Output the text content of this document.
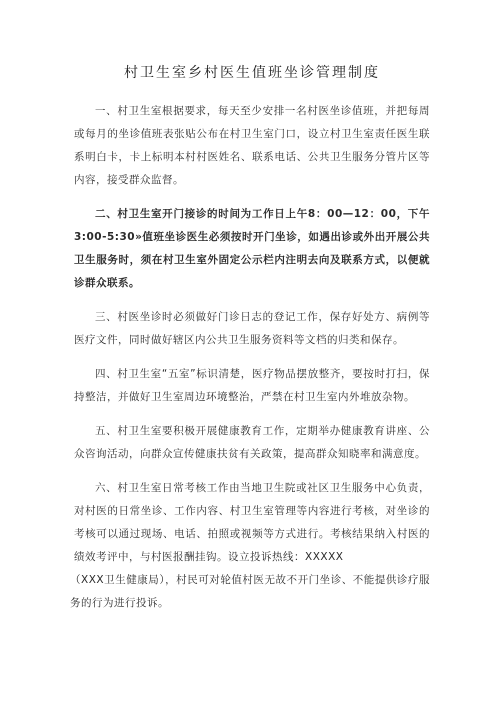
村卫生室乡村医生值班坐诊管理制度

一、村卫生室根据要求，每天至少安排一名村医坐诊值班，并把每周或每月的坐诊值班表张贴公布在村卫生室门口，设立村卫生室责任医生联系明白卡，卡上标明本村村医姓名、联系电话、公共卫生服务分管片区等内容，接受群众监督。

二、村卫生室开门接诊的时间为工作日上午8：00—12：00，下午3:00-5:30»值班坐诊医生必须按时开门坐诊，如遇出诊或外出开展公共卫生服务时，须在村卫生室外固定公示栏内注明去向及联系方式，以便就诊群众联系。

三、村医坐诊时必须做好门诊日志的登记工作，保存好处方、病例等医疗文件，同时做好辖区内公共卫生服务资料等文档的归类和保存。

四、村卫生室“五室”标识清楚，医疗物品摆放整齐，要按时打扫，保持整洁，并做好卫生室周边环境整治，严禁在村卫生室内外堆放杂物。

五、村卫生室要积极开展健康教育工作，定期举办健康教育讲座、公众咨询活动，向群众宣传健康扶贫有关政策，提高群众知晓率和满意度。

六、村卫生室日常考核工作由当地卫生院或社区卫生服务中心负责，对村医的日常坐诊、工作内容、村卫生室管理等内容进行考核，对坐诊的考核可以通过现场、电话、拍照或视频等方式进行。考核结果纳入村医的绩效考评中，与村医报酬挂钩。设立投诉热线：XXXXX

（XXX卫生健康局），村民可对轮值村医无故不开门坐诊、不能提供诊疗服务的行为进行投诉。
